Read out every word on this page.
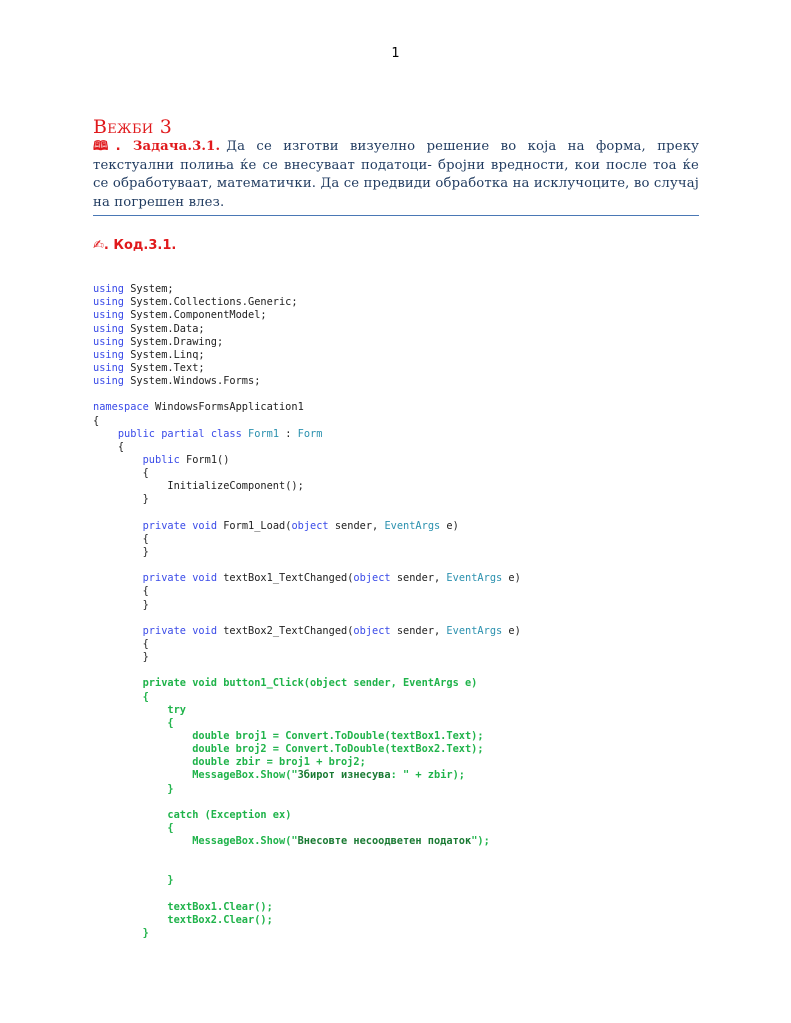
1
Вежби 3
🕮. Задача.3.1. Да се изготви визуелно решение во која на форма, преку текстуални полиња ќе се внесуваат податоци- бројни вредности, кои после тоа ќе се обработуваат, математички. Да се предвиди обработка на исклучоците, во случај на погрешен влез.
✍. Код.3.1.

using System;
using System.Collections.Generic;
using System.ComponentModel;
using System.Data;
using System.Drawing;
using System.Linq;
using System.Text;
using System.Windows.Forms;
namespace WindowsFormsApplication1
{
public partial class Form1 : Form
{
public Form1()
{
InitializeComponent();
}
private void Form1_Load(object sender, EventArgs e)
{
}
private void textBox1_TextChanged(object sender, EventArgs e)
{
}
private void textBox2_TextChanged(object sender, EventArgs e)
{
}
private void button1_Click(object sender, EventArgs e)
{
try
{
double broj1 = Convert.ToDouble(textBox1.Text);
double broj2 = Convert.ToDouble(textBox2.Text);
double zbir = broj1 + broj2;
MessageBox.Show("Збирот изнесува: " + zbir);
}
catch (Exception ex)
{
MessageBox.Show("Внесовте несоодветен податок");
}
textBox1.Clear();
textBox2.Clear();
}
